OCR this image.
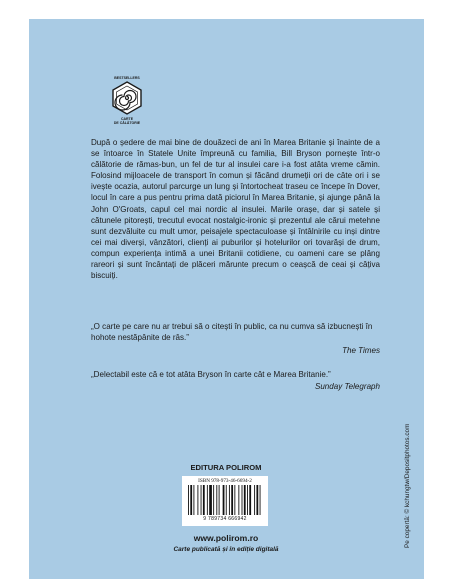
BESTSELLERS
CARTE
DE CĂLĂTORIE

După o ședere de mai bine de douăzeci de ani în Marea Britanie și înainte de a se întoarce în Statele Unite împreună cu familia, Bill Bryson pornește într-o călătorie de rămas-bun, un fel de tur al insulei care i-a fost atâta vreme cămin. Folosind mijloacele de transport în comun și făcând drumeții ori de câte ori i se ivește ocazia, autorul parcurge un lung și întortocheat traseu ce începe în Dover, locul în care a pus pentru prima dată piciorul în Marea Britanie, și ajunge până la John O'Groats, capul cel mai nordic al insulei. Marile orașe, dar și satele și cătunele pitorești, trecutul evocat nostalgic-ironic și prezentul ale cărui metehne sunt dezvăluite cu mult umor, peisajele spectaculoase și întâlnirile cu inși dintre cei mai diverși, vânzători, clienți ai puburilor și hotelurilor ori tovarăși de drum, compun experiența intimă a unei Britanii cotidiene, cu oameni care se plâng rareori și sunt încântați de plăceri mărunte precum o ceașcă de ceai și câțiva biscuiți.

„O carte pe care nu ar trebui să o citești în public, ca nu cumva să izbucnești în hohote nestăpânite de râs.”

The Times

„Delectabil este că e tot atâta Bryson în carte cât e Marea Britanie.”

Sunday Telegraph
EDITURA POLIROM
ISBN 978-973-46-6694-2
9 789734 666942
www.polirom.ro
Carte publicată și în ediție digitală
Pe copertă: © kchungtw/Depositphotos.com
